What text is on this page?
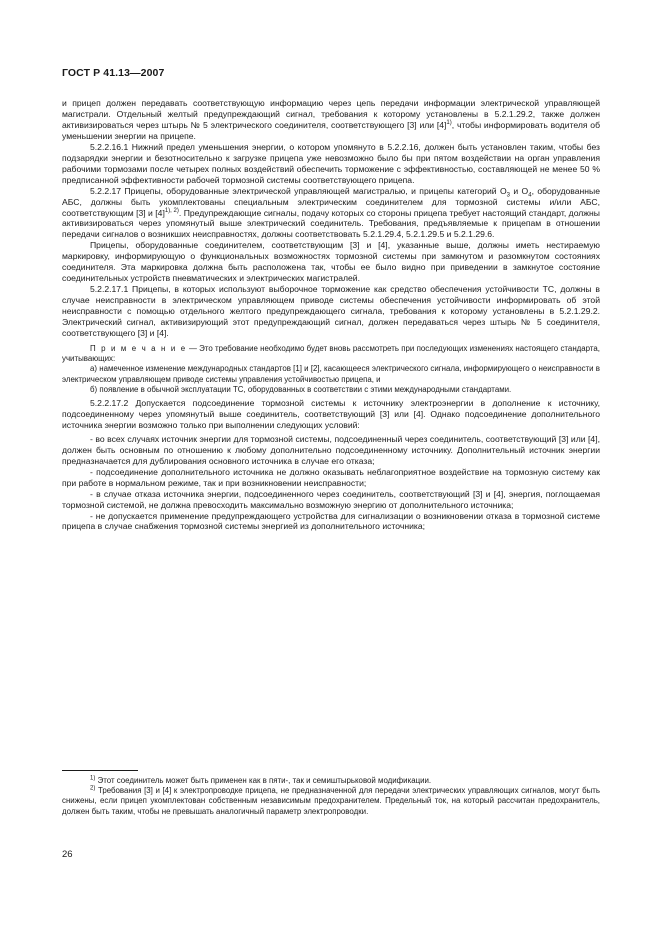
ГОСТ Р 41.13—2007

и прицеп должен передавать соответствующую информацию через цепь передачи информации электрической управляющей магистрали. Отдельный желтый предупреждающий сигнал, требования к которому установлены в 5.2.1.29.2, также должен активизироваться через штырь № 5 электрического соединителя, соответствующего [3] или $[4]^{1)}$, чтобы информировать водителя об уменьшении энергии на прицепе.

5.2.2.16.1 Нижний предел уменьшения энергии, о котором упомянуто в 5.2.2.16, должен быть установлен таким, чтобы без подзарядки энергии и безотносительно к загрузке прицепа уже невозможно было бы при пятом воздействии на орган управления рабочими тормозами после четырех полных воздействий обеспечить торможение с эффективностью, составляющей не менее 50 % предписанной эффективности рабочей тормозной системы соответствующего прицепа.

5.2.2.17 Прицепы, оборудованные электрической управляющей магистралью, и прицепы категорий $O_3$ и $O_4$, оборудованные АБС, должны быть укомплектованы специальным электрическим соединителем для тормозной системы и/или АБС, соответствующим [3] и $[4]^{1), 2)}$. Предупреждающие сигналы, подачу которых со стороны прицепа требует настоящий стандарт, должны активизироваться через упомянутый выше электрический соединитель. Требования, предъявляемые к прицепам в отношении передачи сигналов о возникших неисправностях, должны соответствовать 5.2.1.29.4, 5.2.1.29.5 и 5.2.1.29.6.

Прицепы, оборудованные соединителем, соответствующим [3] и [4], указанные выше, должны иметь нестираемую маркировку, информирующую о функциональных возможностях тормозной системы при замкнутом и разомкнутом состояниях соединителя. Эта маркировка должна быть расположена так, чтобы ее было видно при приведении в замкнутое состояние соединительных устройств пневматических и электрических магистралей.

5.2.2.17.1 Прицепы, в которых используют выборочное торможение как средство обеспечения устойчивости ТС, должны в случае неисправности в электрическом управляющем приводе системы обеспечения устойчивости информировать об этой неисправности с помощью отдельного желтого предупреждающего сигнала, требования к которому установлены в 5.2.1.29.2. Электрический сигнал, активизирующий этот предупреждающий сигнал, должен передаваться через штырь № 5 соединителя, соответствующего [3] и [4].

П р и м е ч а н и е — Это требование необходимо будет вновь рассмотреть при последующих изменениях настоящего стандарта, учитывающих:

а) намеченное изменение международных стандартов [1] и [2], касающееся электрического сигнала, информирующего о неисправности в электрическом управляющем приводе системы управления устойчивостью прицепа, и

б) появление в обычной эксплуатации ТС, оборудованных в соответствии с этими международными стандартами.

5.2.2.17.2 Допускается подсоединение тормозной системы к источнику электроэнергии в дополнение к источнику, подсоединенному через упомянутый выше соединитель, соответствующий [3] или [4]. Однако подсоединение дополнительного источника энергии возможно только при выполнении следующих условий:

- во всех случаях источник энергии для тормозной системы, подсоединенный через соединитель, соответствующий [3] или [4], должен быть основным по отношению к любому дополнительно подсоединенному источнику. Дополнительный источник энергии предназначается для дублирования основного источника в случае его отказа;

- подсоединение дополнительного источника не должно оказывать неблагоприятное воздействие на тормозную систему как при работе в нормальном режиме, так и при возникновении неисправности;

- в случае отказа источника энергии, подсоединенного через соединитель, соответствующий [3] и [4], энергия, поглощаемая тормозной системой, не должна превосходить максимально возможную энергию от дополнительного источника;

- не допускается применение предупреждающего устройства для сигнализации о возникновении отказа в тормозной системе прицепа в случае снабжения тормозной системы энергией из дополнительного источника;

$^{1)}$ Этот соединитель может быть применен как в пяти-, так и семиштырьковой модификации.

$^{2)}$ Требования [3] и [4] к электропроводке прицепа, не предназначенной для передачи электрических управляющих сигналов, могут быть снижены, если прицеп укомплектован собственным независимым предохранителем. Предельный ток, на который рассчитан предохранитель, должен быть таким, чтобы не превышать аналогичный параметр электропроводки.

26
